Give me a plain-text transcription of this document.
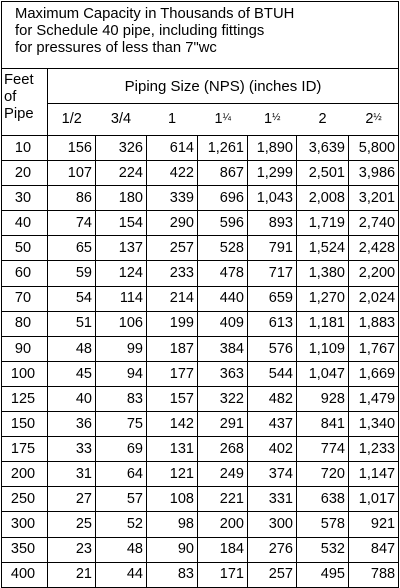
Maximum Capacity in Thousands of BTUH
for Schedule 40 pipe, including fittings
for pressures of less than 7"wc							

Feet
of
Pipe	Piping Size (NPS) (inches ID)						
	1/2	3/4	1	$1^{\frac{1}{4}}$	$1^{\frac{1}{2}}$	2	$2^{\frac{1}{2}}$
10	156	326	614	1,261	1,890	3,639	5,800
20	107	224	422	867	1,299	2,501	3,986
30	86	180	339	696	1,043	2,008	3,201
40	74	154	290	596	893	1,719	2,740
50	65	137	257	528	791	1,524	2,428
60	59	124	233	478	717	1,380	2,200
70	54	114	214	440	659	1,270	2,024
80	51	106	199	409	613	1,181	1,883
90	48	99	187	384	576	1,109	1,767
100	45	94	177	363	544	1,047	1,669
125	40	83	157	322	482	928	1,479
150	36	75	142	291	437	841	1,340
175	33	69	131	268	402	774	1,233
200	31	64	121	249	374	720	1,147
250	27	57	108	221	331	638	1,017
300	25	52	98	200	300	578	921
350	23	48	90	184	276	532	847
400	21	44	83	171	257	495	788
